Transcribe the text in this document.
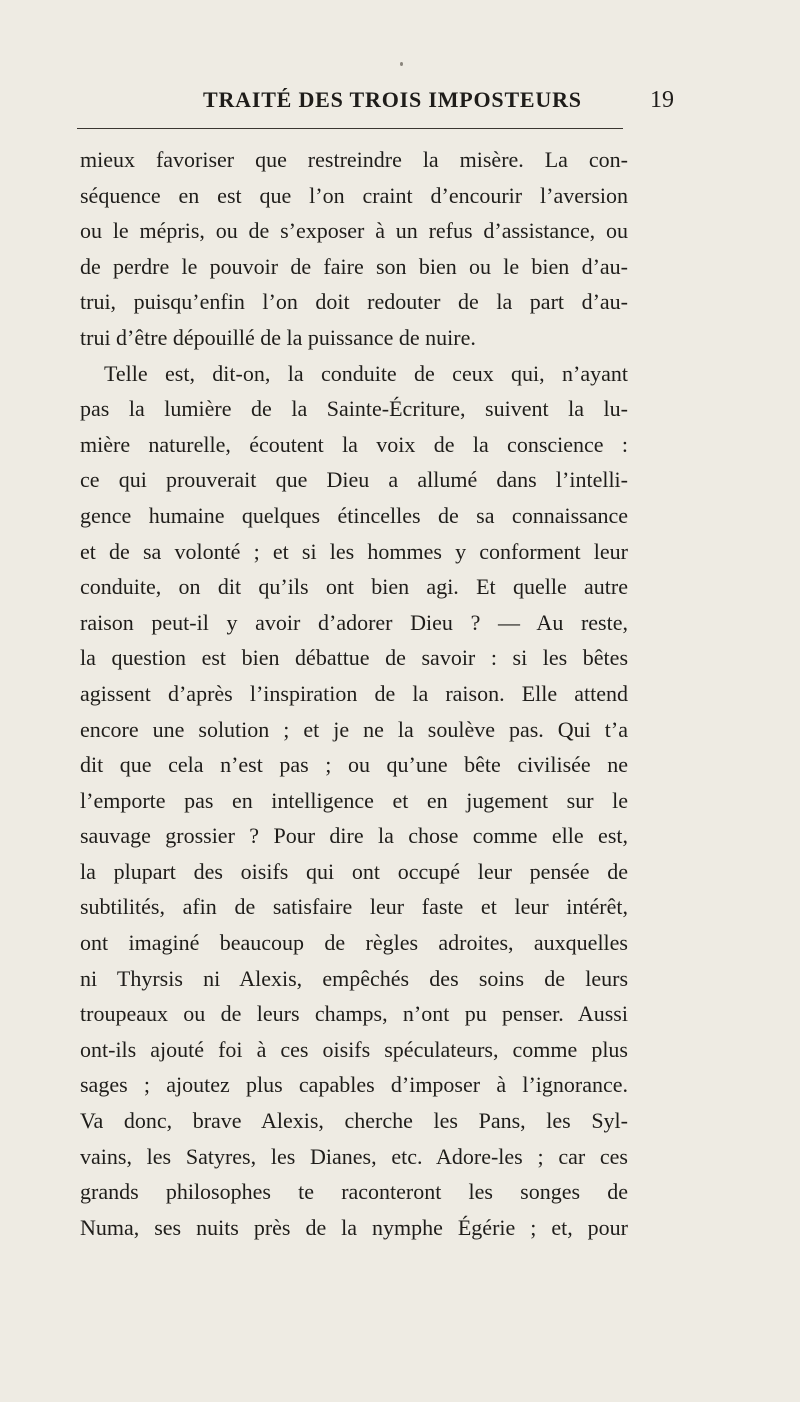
TRAITÉ DES TROIS IMPOSTEURS	19
mieux favoriser que restreindre la misère. La con-
séquence en est que l’on craint d’encourir l’aversion
ou le mépris, ou de s’exposer à un refus d’assistance, ou
de perdre le pouvoir de faire son bien ou le bien d’au-
trui, puisqu’enfin l’on doit redouter de la part d’au-
trui d’être dépouillé de la puissance de nuire.
Telle est, dit-on, la conduite de ceux qui, n’ayant
pas la lumière de la Sainte-Écriture, suivent la lu-
mière naturelle, écoutent la voix de la conscience :
ce qui prouverait que Dieu a allumé dans l’intelli-
gence humaine quelques étincelles de sa connaissance
et de sa volonté ; et si les hommes y conforment leur
conduite, on dit qu’ils ont bien agi. Et quelle autre
raison peut-il y avoir d’adorer Dieu ? — Au reste,
la question est bien débattue de savoir : si les bêtes
agissent d’après l’inspiration de la raison. Elle attend
encore une solution ; et je ne la soulève pas. Qui t’a
dit que cela n’est pas ; ou qu’une bête civilisée ne
l’emporte pas en intelligence et en jugement sur le
sauvage grossier ? Pour dire la chose comme elle est,
la plupart des oisifs qui ont occupé leur pensée de
subtilités, afin de satisfaire leur faste et leur intérêt,
ont imaginé beaucoup de règles adroites, auxquelles
ni Thyrsis ni Alexis, empêchés des soins de leurs
troupeaux ou de leurs champs, n’ont pu penser. Aussi
ont-ils ajouté foi à ces oisifs spéculateurs, comme plus
sages ; ajoutez plus capables d’imposer à l’ignorance.
Va donc, brave Alexis, cherche les Pans, les Syl-
vains, les Satyres, les Dianes, etc. Adore-les ; car ces
grands philosophes te raconteront les songes de
Numa, ses nuits près de la nymphe Égérie ; et, pour
